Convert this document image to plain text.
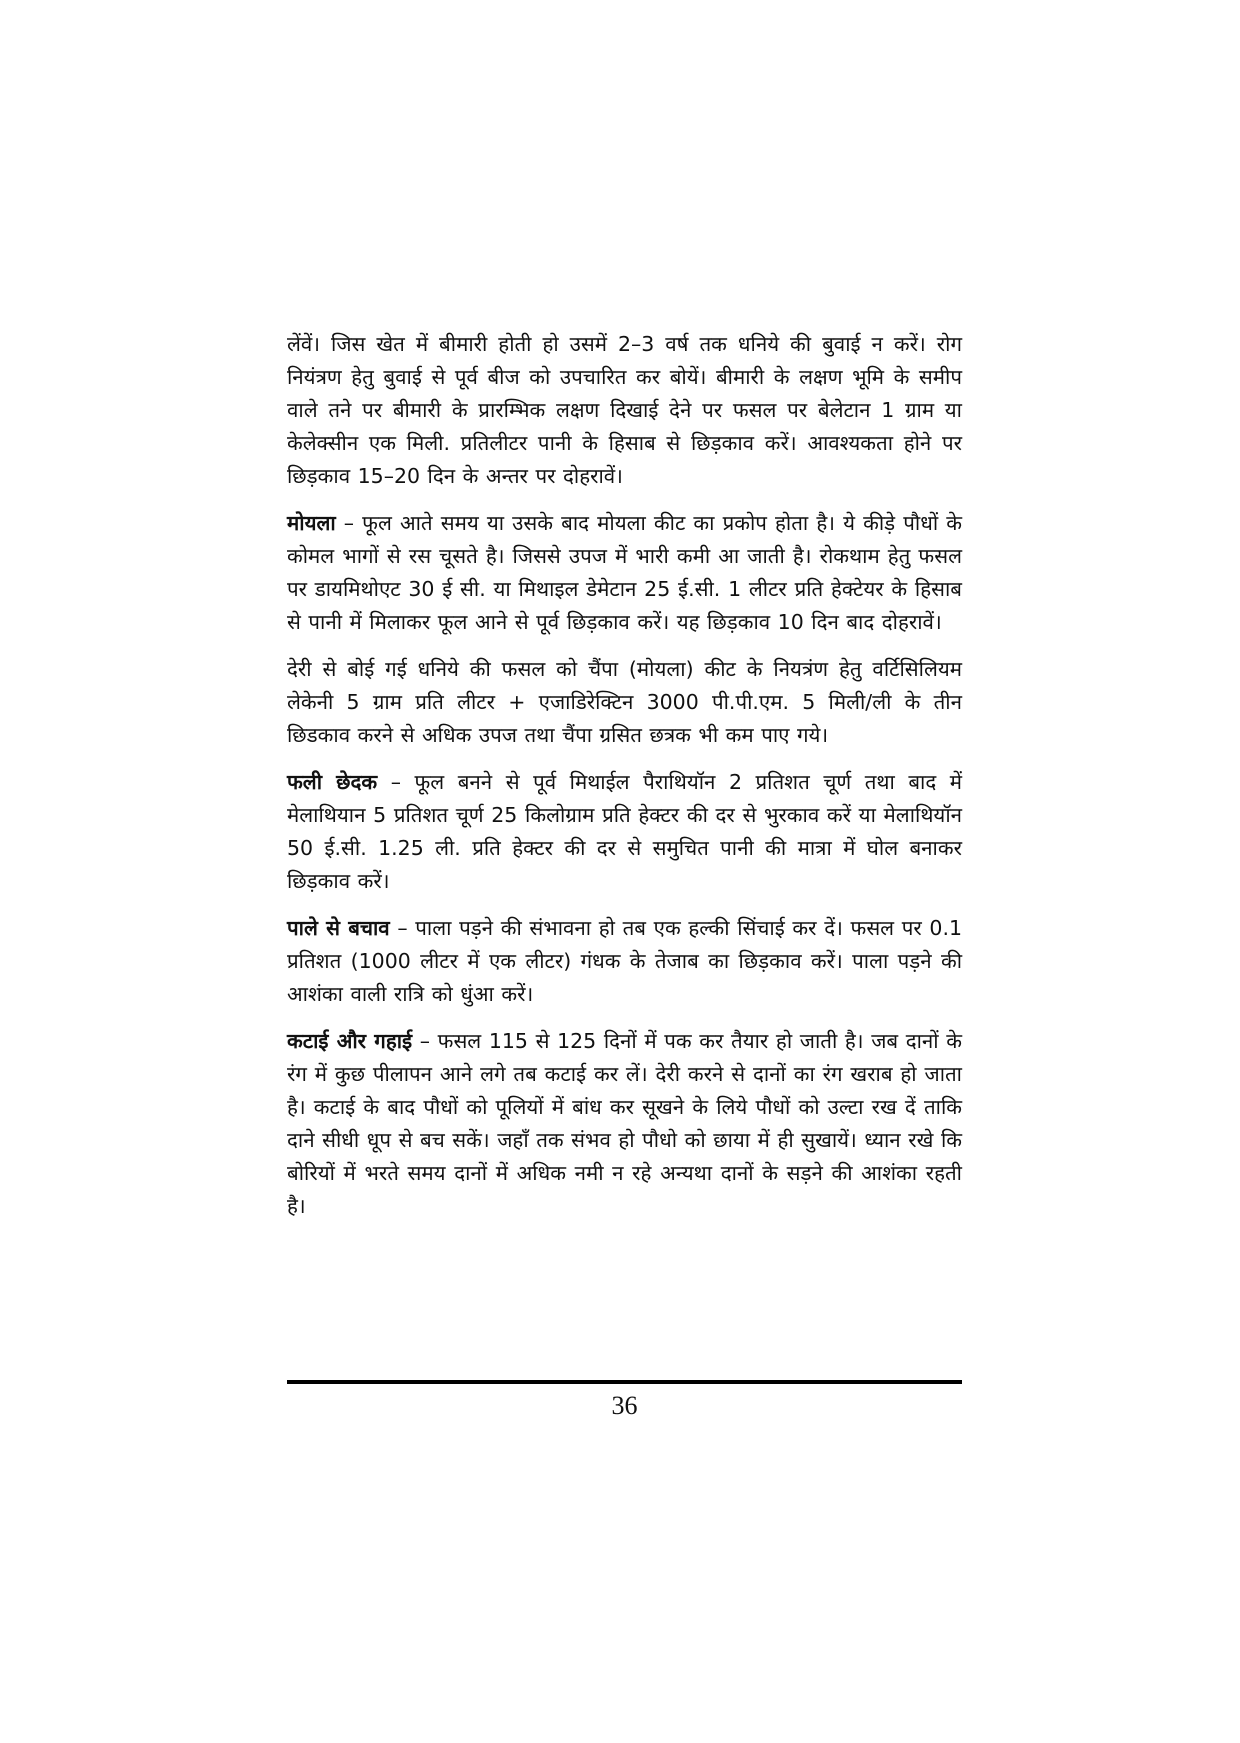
लेंवें। जिस खेत में बीमारी होती हो उसमें 2–3 वर्ष तक धनिये की बुवाई न करें। रोग नियंत्रण हेतु बुवाई से पूर्व बीज को उपचारित कर बोयें। बीमारी के लक्षण भूमि के समीप वाले तने पर बीमारी के प्रारम्भिक लक्षण दिखाई देने पर फसल पर बेलेटान 1 ग्राम या केलेक्सीन एक मिली. प्रतिलीटर पानी के हिसाब से छिड़काव करें। आवश्यकता होने पर छिड़काव 15–20 दिन के अन्तर पर दोहरावें।

मोयला – फूल आते समय या उसके बाद मोयला कीट का प्रकोप होता है। ये कीड़े पौधों के कोमल भागों से रस चूसते है। जिससे उपज में भारी कमी आ जाती है। रोकथाम हेतु फसल पर डायमिथोएट 30 ई सी. या मिथाइल डेमेटान 25 ई.सी. 1 लीटर प्रति हेक्टेयर के हिसाब से पानी में मिलाकर फूल आने से पूर्व छिड़काव करें। यह छिड़काव 10 दिन बाद दोहरावें।

देरी से बोई गई धनिये की फसल को चैंपा (मोयला) कीट के नियत्रंण हेतु वर्टिसिलियम लेकेनी 5 ग्राम प्रति लीटर + एजाडिरेक्टिन 3000 पी.पी.एम. 5 मिली/ली के तीन छिडकाव करने से अधिक उपज तथा चैंपा ग्रसित छत्रक भी कम पाए गये।

फली छेदक – फूल बनने से पूर्व मिथाईल पैराथियॉन 2 प्रतिशत चूर्ण तथा बाद में मेलाथियान 5 प्रतिशत चूर्ण 25 किलोग्राम प्रति हेक्टर की दर से भुरकाव करें या मेलाथियॉन 50 ई.सी. 1.25 ली. प्रति हेक्टर की दर से समुचित पानी की मात्रा में घोल बनाकर छिड़काव करें।

पाले से बचाव – पाला पड़ने की संभावना हो तब एक हल्की सिंचाई कर दें। फसल पर 0.1 प्रतिशत (1000 लीटर में एक लीटर) गंधक के तेजाब का छिड़काव करें। पाला पड़ने की आशंका वाली रात्रि को धुंआ करें।

कटाई और गहाई – फसल 115 से 125 दिनों में पक कर तैयार हो जाती है। जब दानों के रंग में कुछ पीलापन आने लगे तब कटाई कर लें। देरी करने से दानों का रंग खराब हो जाता है। कटाई के बाद पौधों को पूलियों में बांध कर सूखने के लिये पौधों को उल्टा रख दें ताकि दाने सीधी धूप से बच सकें। जहाँ तक संभव हो पौधो को छाया में ही सुखायें। ध्यान रखे कि बोरियों में भरते समय दानों में अधिक नमी न रहे अन्यथा दानों के सड़ने की आशंका रहती है।

36
